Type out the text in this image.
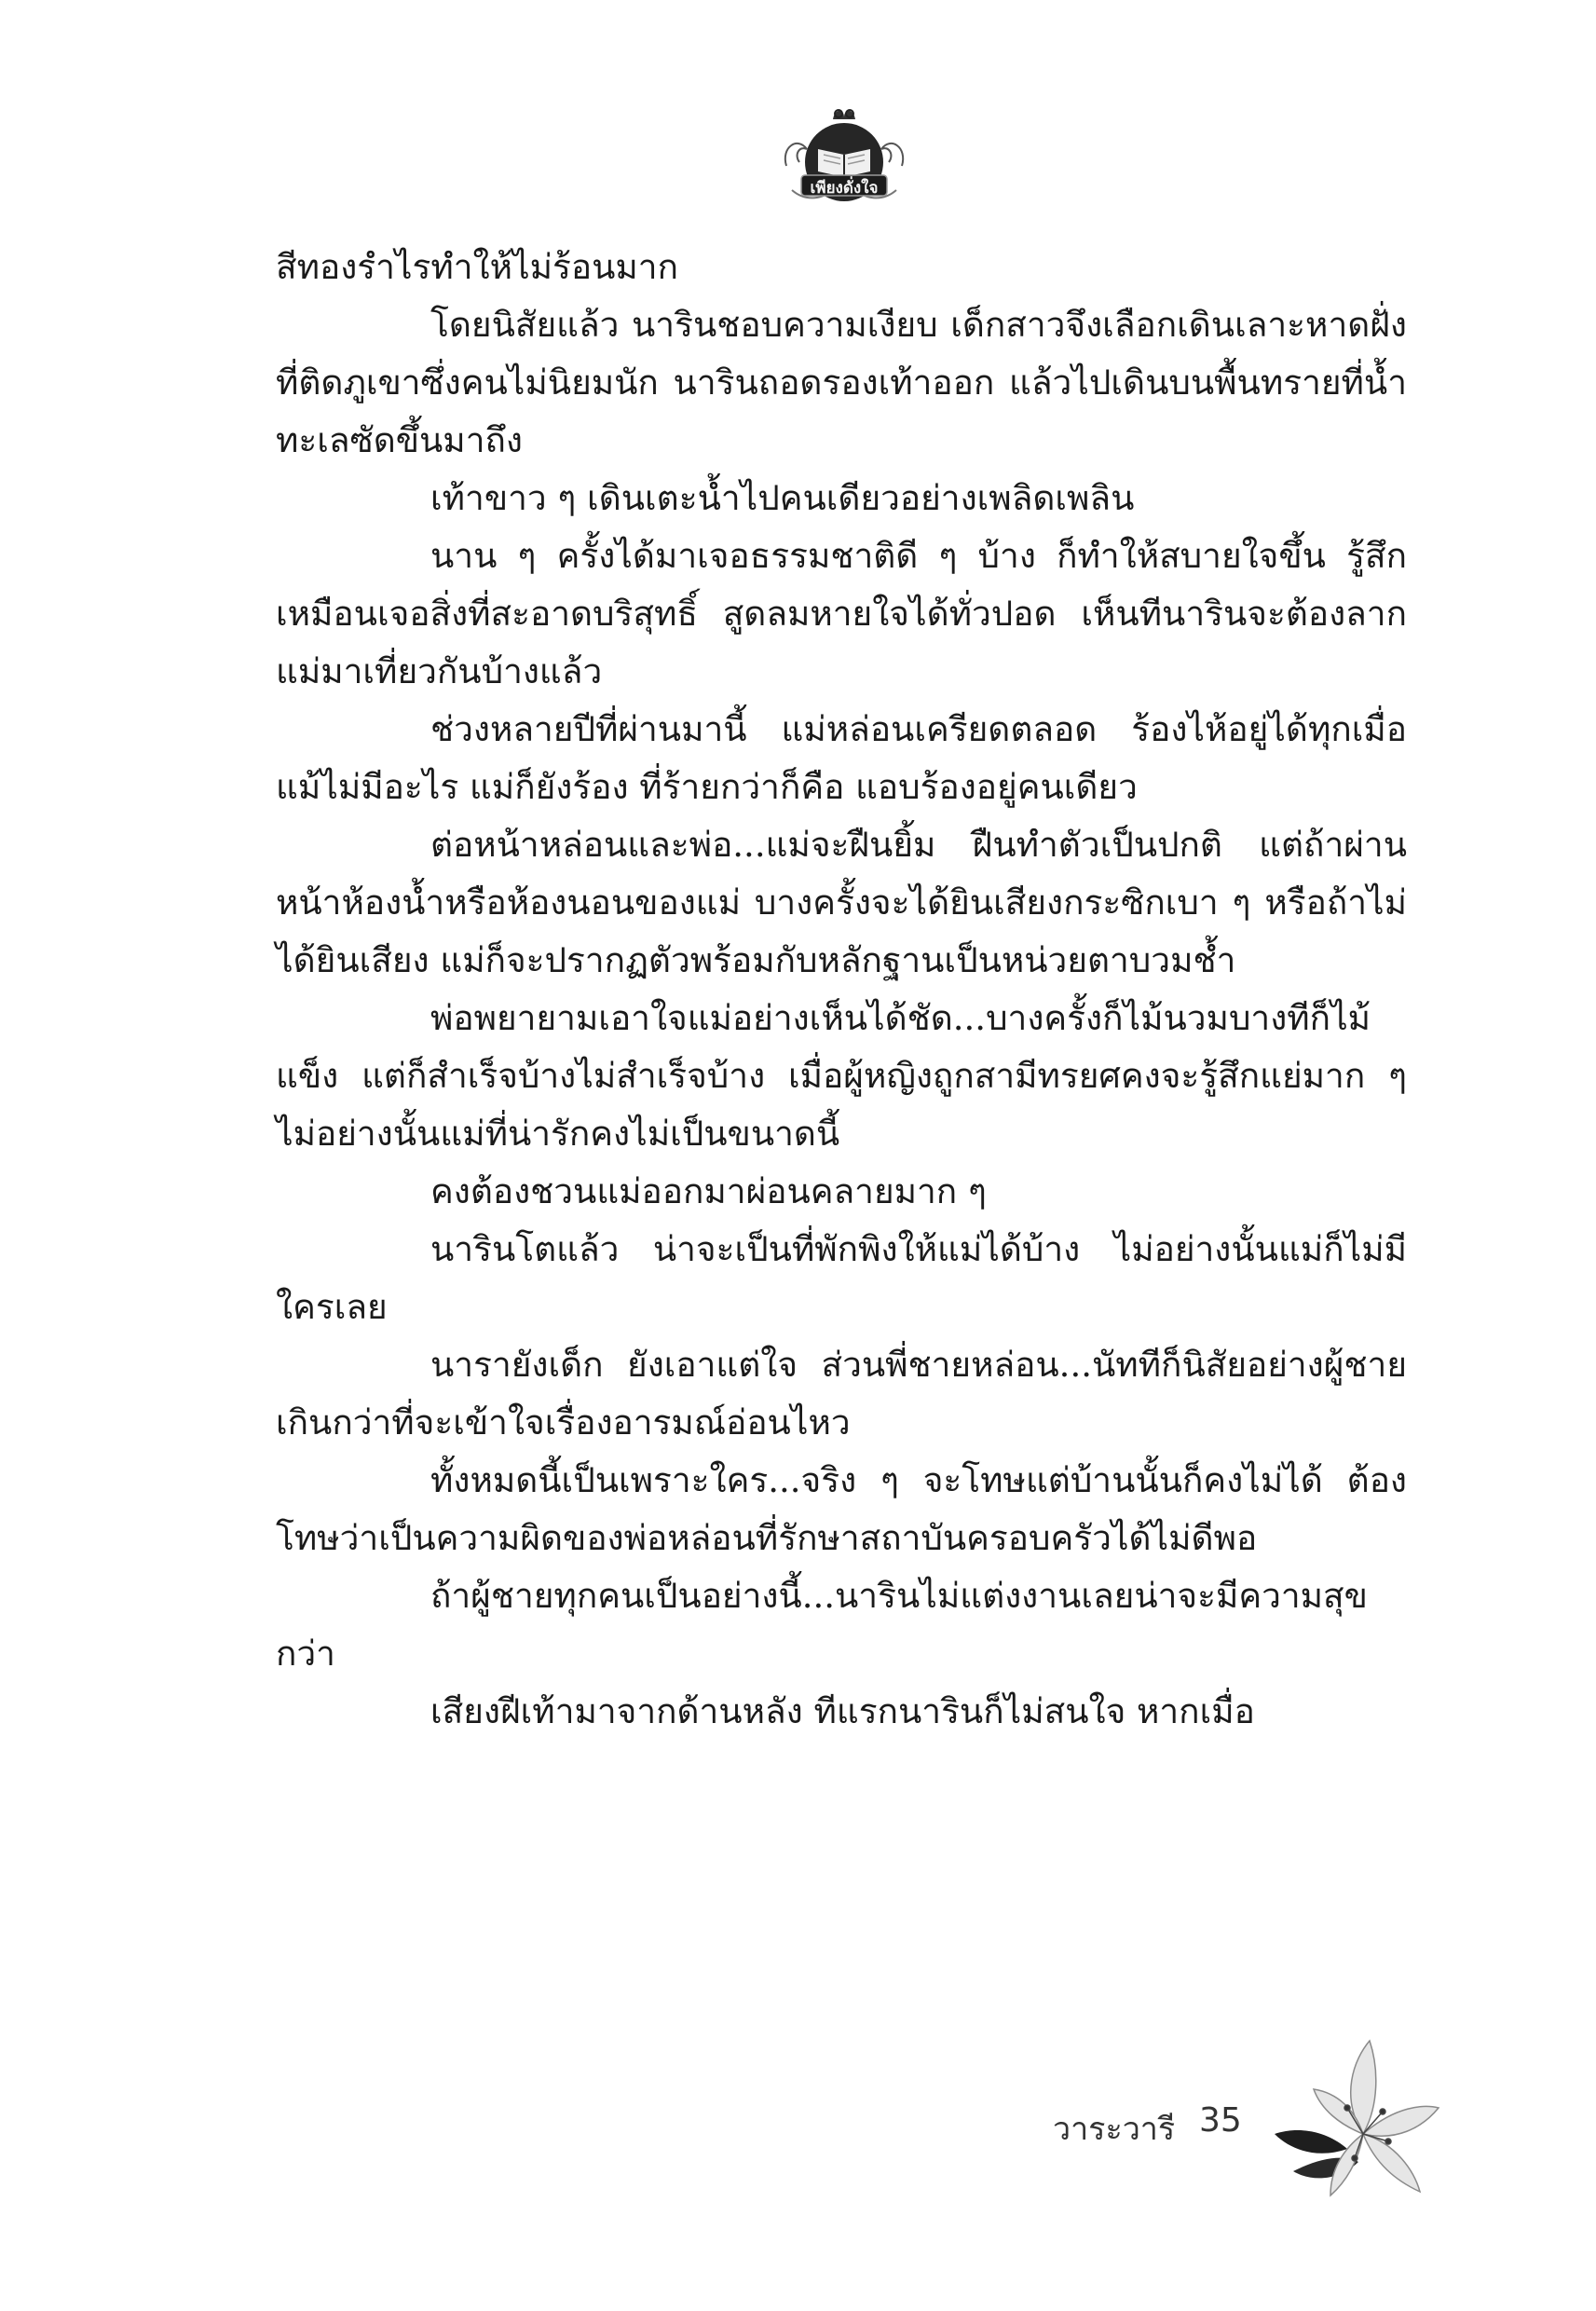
เพียงดั่งใจ

สีทองรำไรทำให้ไม่ร้อนมาก

โดยนิสัยแล้ว นารินชอบความเงียบ เด็กสาวจึงเลือกเดินเลาะหาดฝั่งที่ติดภูเขาซึ่งคนไม่นิยมนัก นารินถอดรองเท้าออก แล้วไปเดินบนพื้นทรายที่น้ำทะเลซัดขึ้นมาถึง

เท้าขาว ๆ เดินเตะน้ำไปคนเดียวอย่างเพลิดเพลิน

นาน ๆ ครั้งได้มาเจอธรรมชาติดี ๆ บ้าง ก็ทำให้สบายใจขึ้น รู้สึกเหมือนเจอสิ่งที่สะอาดบริสุทธิ์ สูดลมหายใจได้ทั่วปอด เห็นทีนารินจะต้องลากแม่มาเที่ยวกันบ้างแล้ว

ช่วงหลายปีที่ผ่านมานี้ แม่หล่อนเครียดตลอด ร้องไห้อยู่ได้ทุกเมื่อ แม้ไม่มีอะไร แม่ก็ยังร้อง ที่ร้ายกว่าก็คือ แอบร้องอยู่คนเดียว

ต่อหน้าหล่อนและพ่อ...แม่จะฝืนยิ้ม ฝืนทำตัวเป็นปกติ แต่ถ้าผ่านหน้าห้องน้ำหรือห้องนอนของแม่ บางครั้งจะได้ยินเสียงกระซิกเบา ๆ หรือถ้าไม่ได้ยินเสียง แม่ก็จะปรากฏตัวพร้อมกับหลักฐานเป็นหน่วยตาบวมช้ำ

พ่อพยายามเอาใจแม่อย่างเห็นได้ชัด...บางครั้งก็ไม้นวมบางทีก็ไม้แข็ง แต่ก็สำเร็จบ้างไม่สำเร็จบ้าง เมื่อผู้หญิงถูกสามีทรยศคงจะรู้สึกแย่มาก ๆ ไม่อย่างนั้นแม่ที่น่ารักคงไม่เป็นขนาดนี้

คงต้องชวนแม่ออกมาผ่อนคลายมาก ๆ

นารินโตแล้ว น่าจะเป็นที่พักพิงให้แม่ได้บ้าง ไม่อย่างนั้นแม่ก็ไม่มีใครเลย

นารายังเด็ก ยังเอาแต่ใจ ส่วนพี่ชายหล่อน...นัททีก็นิสัยอย่างผู้ชายเกินกว่าที่จะเข้าใจเรื่องอารมณ์อ่อนไหว

ทั้งหมดนี้เป็นเพราะใคร...จริง ๆ จะโทษแต่บ้านนั้นก็คงไม่ได้ ต้องโทษว่าเป็นความผิดของพ่อหล่อนที่รักษาสถาบันครอบครัวได้ไม่ดีพอ

ถ้าผู้ชายทุกคนเป็นอย่างนี้...นารินไม่แต่งงานเลยน่าจะมีความสุขกว่า

เสียงฝีเท้ามาจากด้านหลัง ทีแรกนารินก็ไม่สนใจ หากเมื่อ

วาระวารี 35
